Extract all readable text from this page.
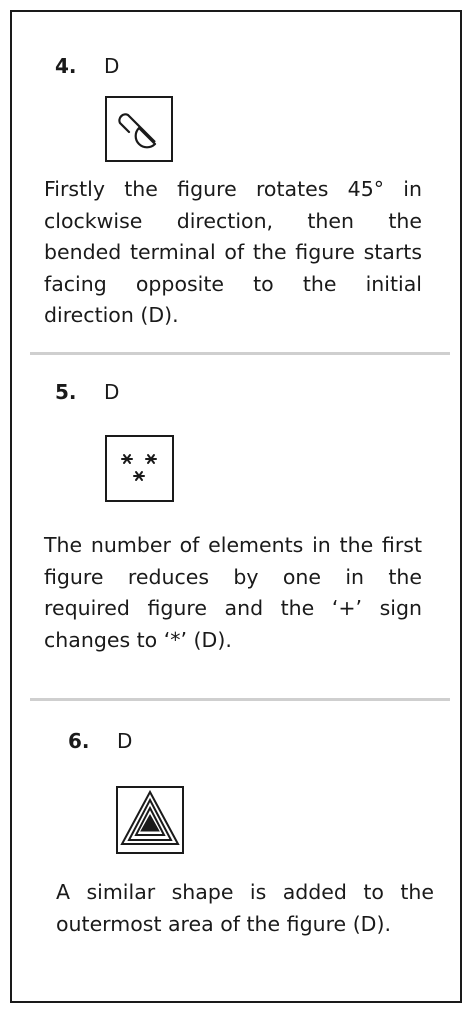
4. D

Firstly the figure rotates 45° in clockwise direction, then the bended terminal of the figure starts facing opposite to the initial direction (D).

5. D

The number of elements in the first figure reduces by one in the required figure and the ‘+’ sign changes to ‘*’ (D).

6. D

A similar shape is added to the outermost area of the figure (D).
